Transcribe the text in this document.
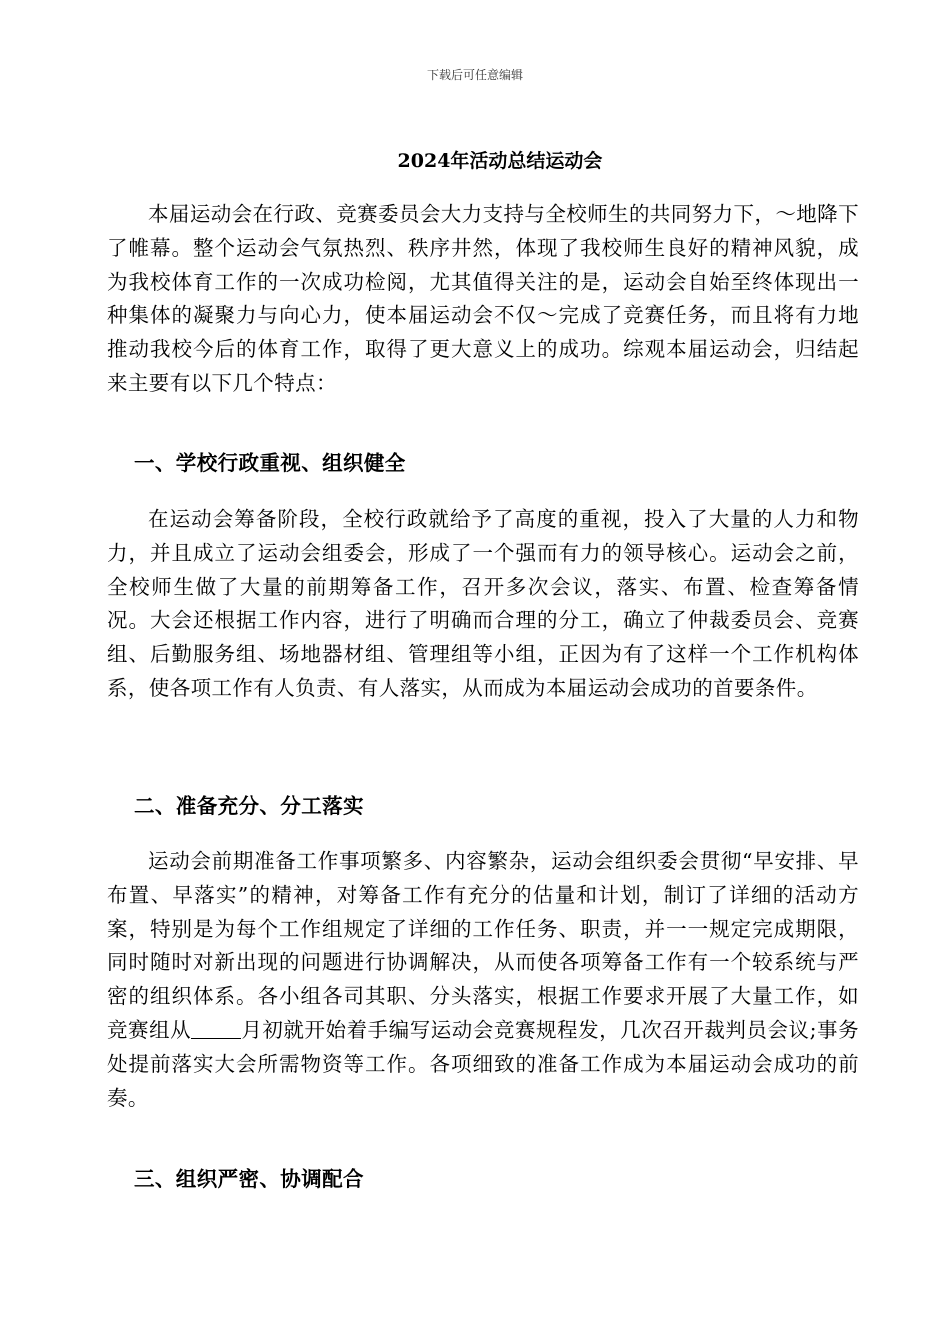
下载后可任意编辑
2024年活动总结运动会

本届运动会在行政、竞赛委员会大力支持与全校师生的共同努力下，～地降下了帷幕。整个运动会气氛热烈、秩序井然，体现了我校师生良好的精神风貌，成为我校体育工作的一次成功检阅，尤其值得关注的是，运动会自始至终体现出一种集体的凝聚力与向心力，使本届运动会不仅～完成了竞赛任务，而且将有力地推动我校今后的体育工作，取得了更大意义上的成功。综观本届运动会，归结起来主要有以下几个特点：

一、学校行政重视、组织健全

在运动会筹备阶段，全校行政就给予了高度的重视，投入了大量的人力和物力，并且成立了运动会组委会，形成了一个强而有力的领导核心。运动会之前，全校师生做了大量的前期筹备工作，召开多次会议，落实、布置、检查筹备情况。大会还根据工作内容，进行了明确而合理的分工，确立了仲裁委员会、竞赛组、后勤服务组、场地器材组、管理组等小组，正因为有了这样一个工作机构体系，使各项工作有人负责、有人落实，从而成为本届运动会成功的首要条件。

二、准备充分、分工落实

运动会前期准备工作事项繁多、内容繁杂，运动会组织委会贯彻“早安排、早布置、早落实”的精神，对筹备工作有充分的估量和计划，制订了详细的活动方案，特别是为每个工作组规定了详细的工作任务、职责，并一一规定完成期限，同时随时对新出现的问题进行协调解决，从而使各项筹备工作有一个较系统与严密的组织体系。各小组各司其职、分头落实，根据工作要求开展了大量工作，如竞赛组从 月初就开始着手编写运动会竞赛规程发，几次召开裁判员会议;事务处提前落实大会所需物资等工作。各项细致的准备工作成为本届运动会成功的前奏。

三、组织严密、协调配合
